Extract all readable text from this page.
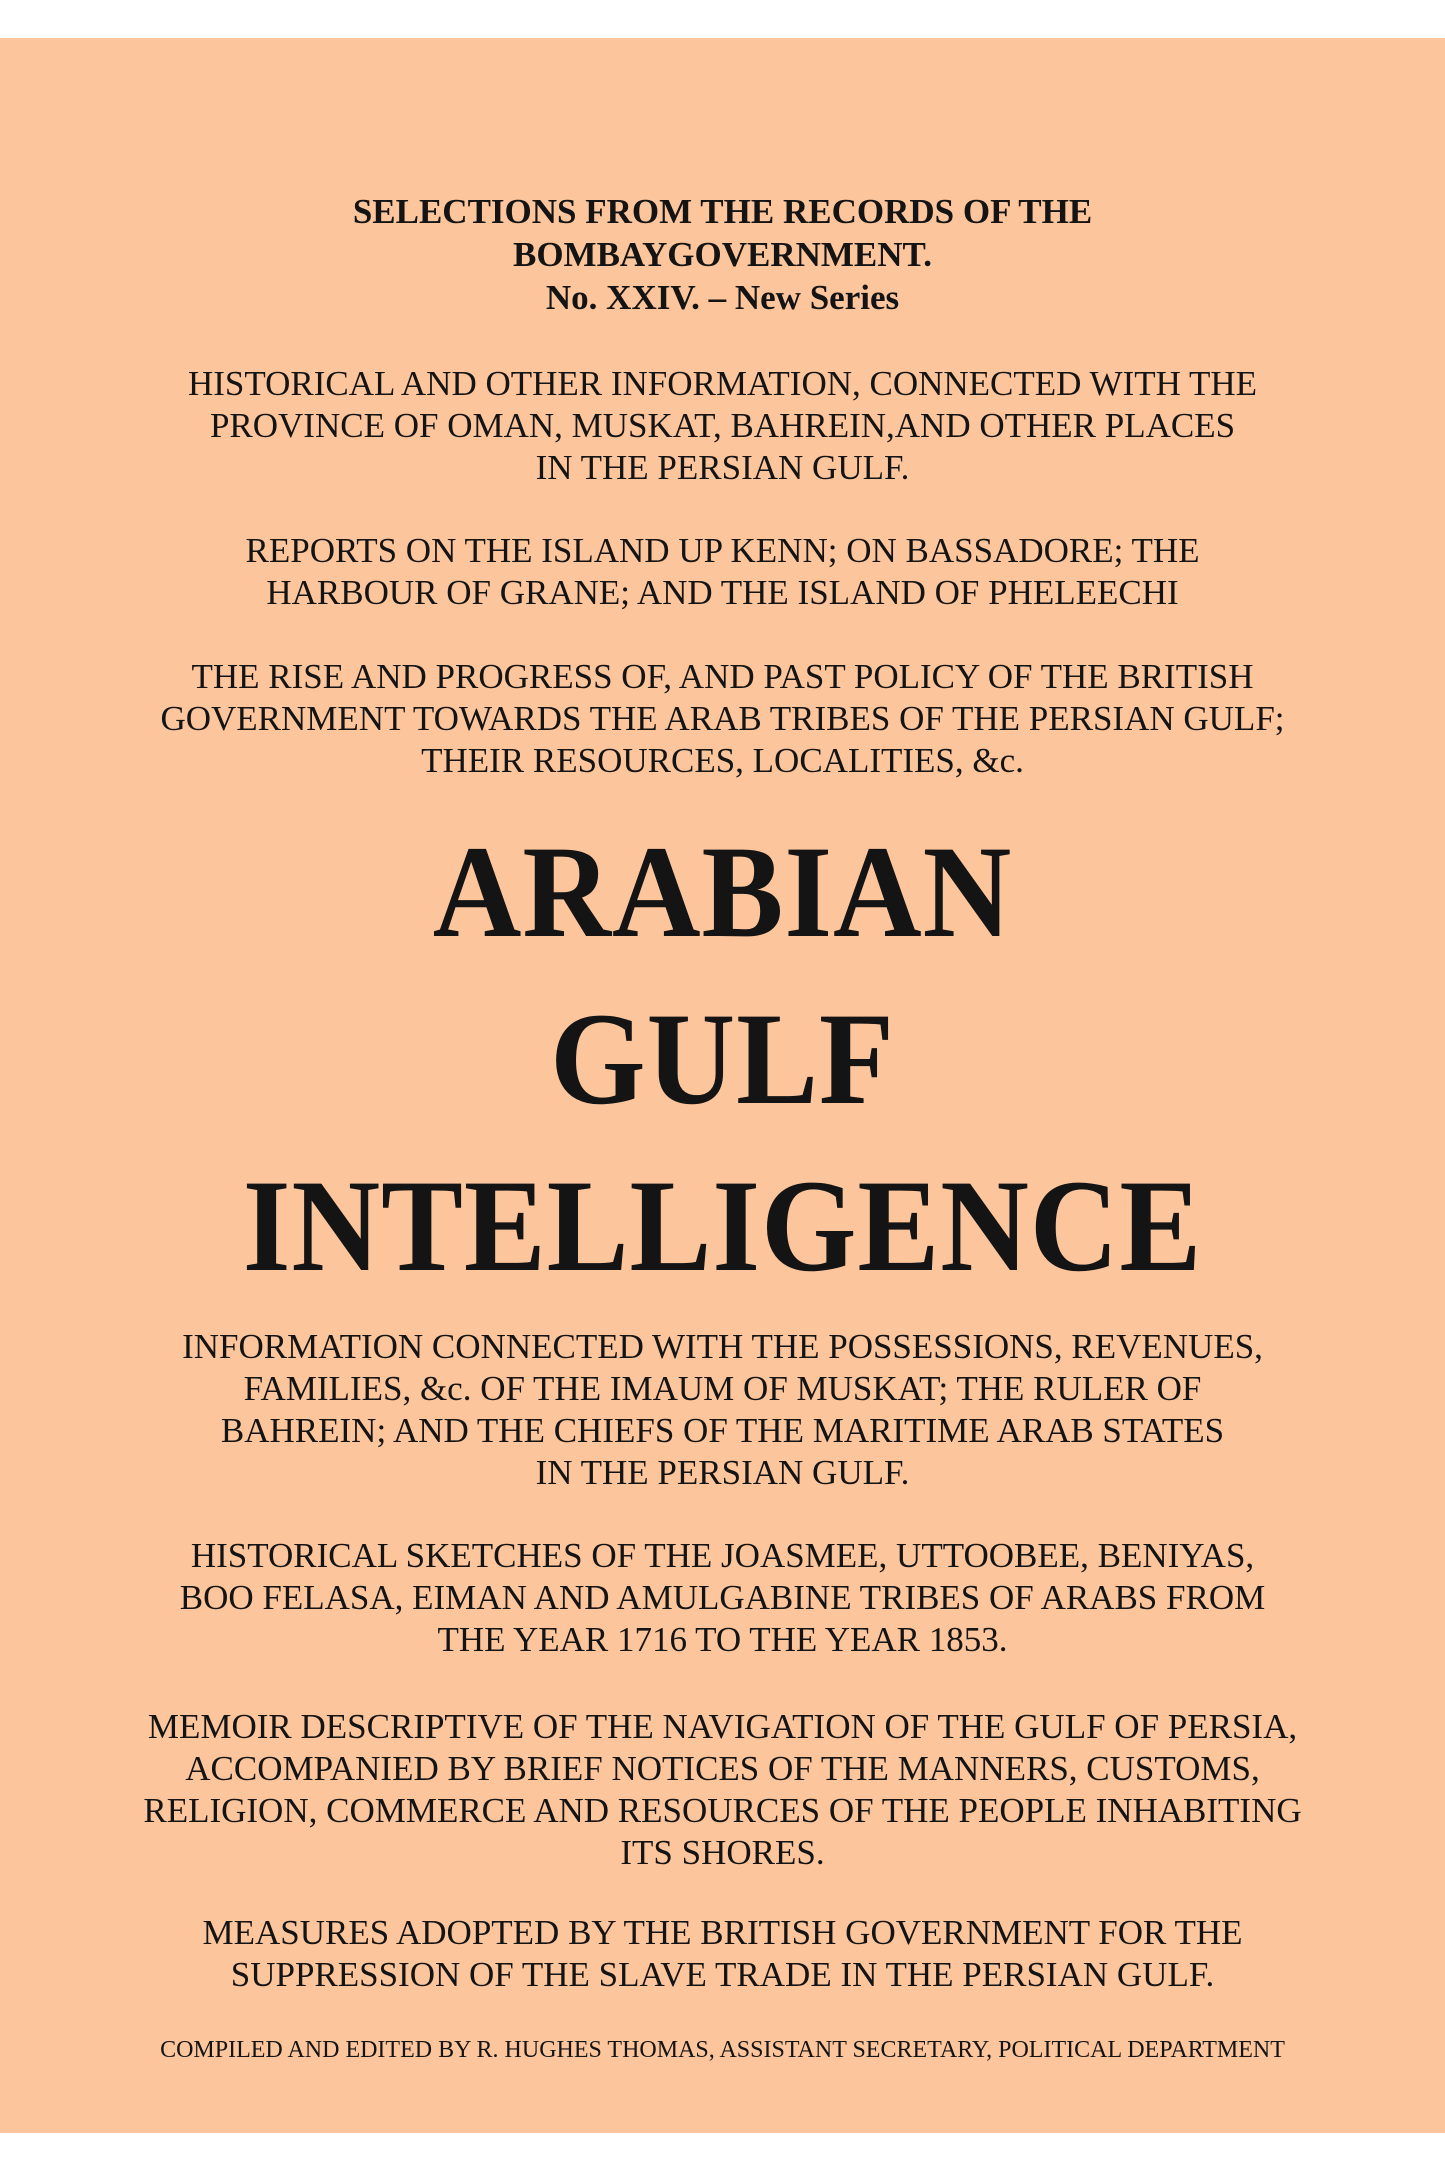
SELECTIONS FROM THE RECORDS OF THE
BOMBAYGOVERNMENT.
No. XXIV. – New Series

HISTORICAL AND OTHER INFORMATION, CONNECTED WITH THE
PROVINCE OF OMAN, MUSKAT, BAHREIN,AND OTHER PLACES
IN THE PERSIAN GULF.

REPORTS ON THE ISLAND UP KENN; ON BASSADORE; THE
HARBOUR OF GRANE; AND THE ISLAND OF PHELEECHI

THE RISE AND PROGRESS OF, AND PAST POLICY OF THE BRITISH
GOVERNMENT TOWARDS THE ARAB TRIBES OF THE PERSIAN GULF;
THEIR RESOURCES, LOCALITIES, &c.

ARABIAN
GULF
INTELLIGENCE

INFORMATION CONNECTED WITH THE POSSESSIONS, REVENUES,
FAMILIES, &c. OF THE IMAUM OF MUSKAT; THE RULER OF
BAHREIN; AND THE CHIEFS OF THE MARITIME ARAB STATES
IN THE PERSIAN GULF.

HISTORICAL SKETCHES OF THE JOASMEE, UTTOOBEE, BENIYAS,
BOO FELASA, EIMAN AND AMULGABINE TRIBES OF ARABS FROM
THE YEAR 1716 TO THE YEAR 1853.

MEMOIR DESCRIPTIVE OF THE NAVIGATION OF THE GULF OF PERSIA,
ACCOMPANIED BY BRIEF NOTICES OF THE MANNERS, CUSTOMS,
RELIGION, COMMERCE AND RESOURCES OF THE PEOPLE INHABITING
ITS SHORES.

MEASURES ADOPTED BY THE BRITISH GOVERNMENT FOR THE
SUPPRESSION OF THE SLAVE TRADE IN THE PERSIAN GULF.

COMPILED AND EDITED BY R. HUGHES THOMAS, ASSISTANT SECRETARY, POLITICAL DEPARTMENT
